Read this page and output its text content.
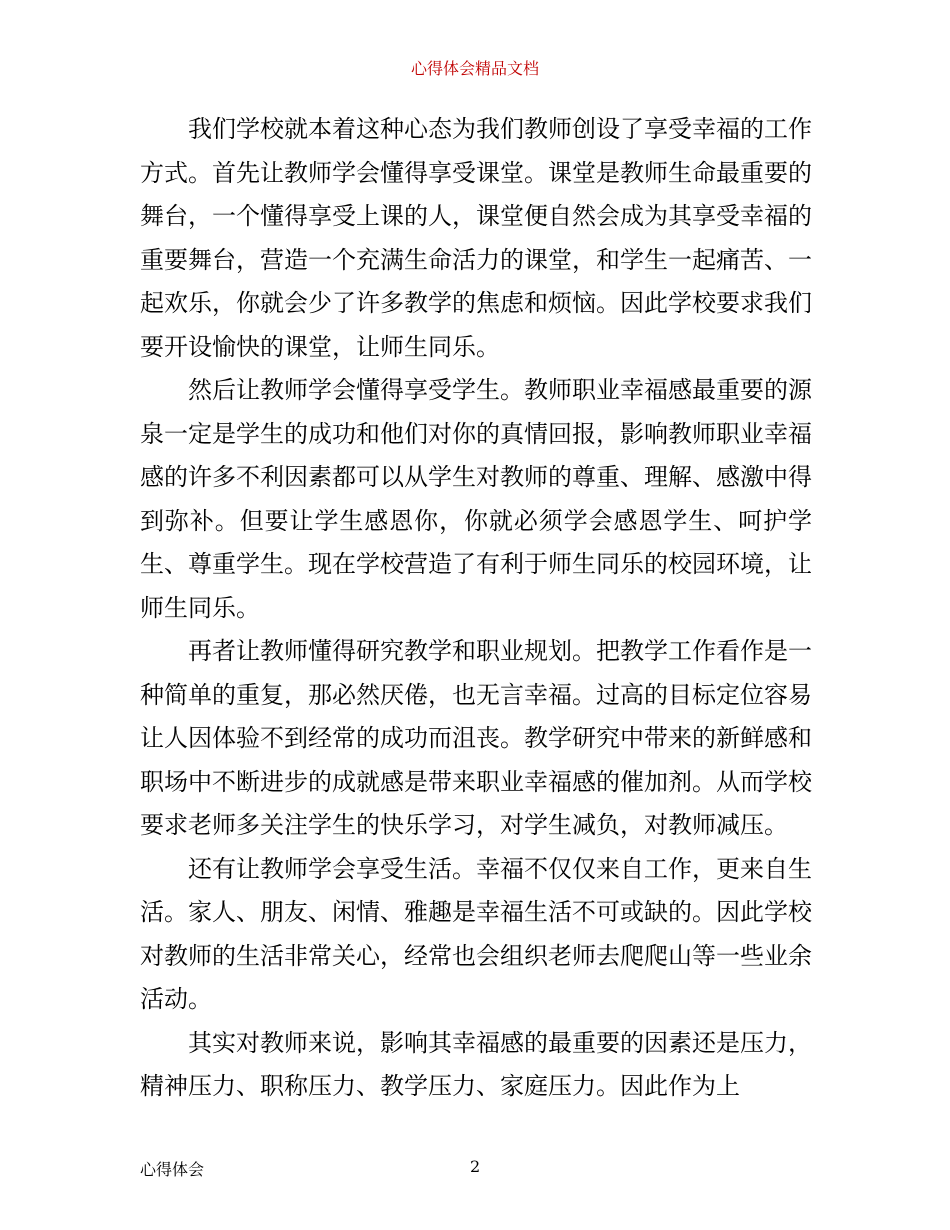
心得体会精品文档

我们学校就本着这种心态为我们教师创设了享受幸福的工作方式。首先让教师学会懂得享受课堂。课堂是教师生命最重要的舞台，一个懂得享受上课的人，课堂便自然会成为其享受幸福的重要舞台，营造一个充满生命活力的课堂，和学生一起痛苦、一起欢乐，你就会少了许多教学的焦虑和烦恼。因此学校要求我们要开设愉快的课堂，让师生同乐。

然后让教师学会懂得享受学生。教师职业幸福感最重要的源泉一定是学生的成功和他们对你的真情回报，影响教师职业幸福感的许多不利因素都可以从学生对教师的尊重、理解、感激中得到弥补。但要让学生感恩你，你就必须学会感恩学生、呵护学生、尊重学生。现在学校营造了有利于师生同乐的校园环境，让师生同乐。

再者让教师懂得研究教学和职业规划。把教学工作看作是一种简单的重复，那必然厌倦，也无言幸福。过高的目标定位容易让人因体验不到经常的成功而沮丧。教学研究中带来的新鲜感和职场中不断进步的成就感是带来职业幸福感的催加剂。从而学校要求老师多关注学生的快乐学习，对学生减负，对教师减压。

还有让教师学会享受生活。幸福不仅仅来自工作，更来自生活。家人、朋友、闲情、雅趣是幸福生活不可或缺的。因此学校对教师的生活非常关心，经常也会组织老师去爬爬山等一些业余活动。

其实对教师来说，影响其幸福感的最重要的因素还是压力，精神压力、职称压力、教学压力、家庭压力。因此作为上

心得体会	2
